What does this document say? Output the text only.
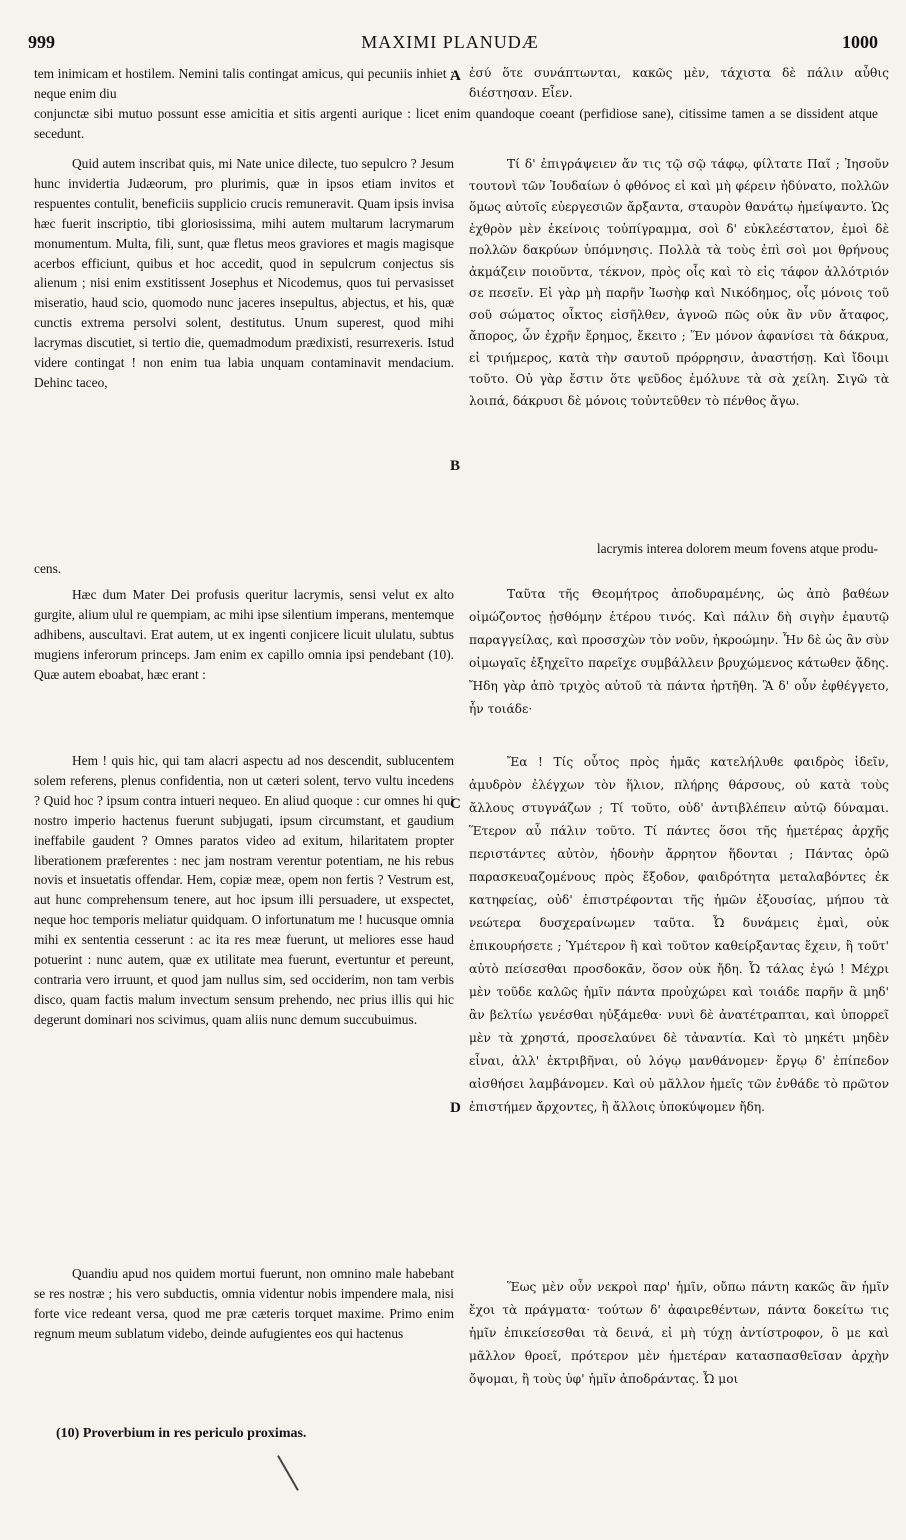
999	MAXIMI PLANUDÆ	1000

tem inimicam et hostilem. Nemini talis contingat amicus, qui pecuniis inhiet : neque enim diu

ἐσύ ὅτε συνάπτωνται, κακῶς μὲν, τάχιστα δὲ πάλιν αὖθις διέστησαν. Εἶεν.

A

conjunctæ sibi mutuo possunt esse amicitia et sitis argenti aurique : licet enim quandoque coeant (perfidiose sane), citissime tamen a se dissident atque secedunt.

Quid autem inscribat quis, mi Nate unice dilecte, tuo sepulcro ? Jesum hunc invidertia Judæorum, pro plurimis, quæ in ipsos etiam invitos et respuentes contulit, beneficiis supplicio crucis remuneravit. Quam ipsis invisa hæc fuerit inscriptio, tibi gloriosissima, mihi autem multarum lacrymarum monumentum. Multa, fili, sunt, quæ fletus meos graviores et magis magisque acerbos efficiunt, quibus et hoc accedit, quod in sepulcrum conjectus sis alienum ; nisi enim exstitissent Josephus et Nicodemus, quos tui pervasisset miseratio, haud scio, quomodo nunc jaceres insepultus, abjectus, et his, quæ cunctis extrema persolvi solent, destitutus. Unum superest, quod mihi lacrymas discutiet, si tertio die, quemadmodum prædixisti, resurrexeris. Istud videre contingat ! non enim tua labia unquam contaminavit mendacium. Dehinc taceo,

Τί δ' ἐπιγράψειεν ἄν τις τῷ σῷ τάφῳ, φίλτατε Παῖ ; Ἰησοῦν τουτονὶ τῶν Ἰουδαίων ὁ φθόνος εἰ καὶ μὴ φέρειν ἠδύνατο, πολλῶν ὅμως αὐτοῖς εὐεργεσιῶν ἄρξαντα, σταυρὸν θανάτῳ ἠμείψαντο. Ὡς ἐχθρὸν μὲν ἐκείνοις τοὐπίγραμμα, σοὶ δ' εὐκλεέστατον, ἐμοὶ δὲ πολλῶν δακρύων ὑπόμνησις. Πολλὰ τὰ τοὺς ἐπὶ σοὶ μοι θρήνους ἀκμάζειν ποιοῦντα, τέκνον, πρὸς οἷς καὶ τὸ εἰς τάφον ἀλλότριόν σε πεσεῖν. Εἰ γὰρ μὴ παρῆν Ἰωσὴφ καὶ Νικόδημος, οἷς μόνοις τοῦ σοῦ σώματος οἶκτος εἰσῆλθεν, ἀγνοῶ πῶς οὐκ ἂν νῦν ἄταφος, ἄπορος, ὧν ἐχρῆν ἔρημος, ἔκειτο ; Ἕν μόνον ἀφανίσει τὰ δάκρυα, εἰ τριήμερος, κατὰ τὴν σαυτοῦ πρόρρησιν, ἀναστήσῃ. Καὶ ἴδοιμι τοῦτο. Οὐ γὰρ ἔστιν ὅτε ψεῦδος ἐμόλυνε τὰ σὰ χείλη. Σιγῶ τὰ λοιπά, δάκρυσι δὲ μόνοις τοὐντεῦθεν τὸ πένθος ἄγω.

B

lacrymis interea dolorem meum fovens atque produ-

cens.

Hæc dum Mater Dei profusis queritur lacrymis, sensi velut ex alto gurgite, alium ulul re quempiam, ac mihi ipse silentium imperans, mentemque adhibens, auscultavi. Erat autem, ut ex ingenti conjicere licuit ululatu, subtus mugiens inferorum princeps. Jam enim ex capillo omnia ipsi pendebant (10). Quæ autem eboabat, hæc erant :

Ταῦτα τῆς Θεομήτρος ἀποδυραμένης, ὡς ἀπὸ βαθέων οἰμώζοντος ᾐσθόμην ἑτέρου τινός. Καὶ πάλιν δὴ σιγὴν ἐμαυτῷ παραγγείλας, καὶ προσσχὼν τὸν νοῦν, ἠκροώμην. Ἦν δὲ ὡς ἂν σὺν οἰμωγαῖς ἐξηχεῖτο παρεῖχε συμβάλλειν βρυχώμενος κάτωθεν ᾅδης. Ἤδη γὰρ ἀπὸ τριχὸς αὐτοῦ τὰ πάντα ἠρτῆθη. Ἃ δ' οὖν ἐφθέγγετο, ἦν τοιάδε·

Hem ! quis hic, qui tam alacri aspectu ad nos descendit, sublucentem solem referens, plenus confidentia, non ut cæteri solent, tervo vultu incedens ? Quid hoc ? ipsum contra intueri nequeo. En aliud quoque : cur omnes hi qui nostro imperio hactenus fuerunt subjugati, ipsum circumstant, et gaudium ineffabile gaudent ? Omnes paratos video ad exitum, hilaritatem propter liberationem præferentes : nec jam nostram verentur potentiam, ne his rebus novis et insuetatis offendar. Hem, copiæ meæ, opem non fertis ? Vestrum est, aut hunc comprehensum tenere, aut hoc ipsum illi persuadere, ut exspectet, neque hoc temporis meliatur quidquam. O infortunatum me ! hucusque omnia mihi ex sententia cesserunt : ac ita res meæ fuerunt, ut meliores esse haud potuerint : nunc autem, quæ ex utilitate mea fuerunt, evertuntur et pereunt, contraria vero irruunt, et quod jam nullus sim, sed occiderim, non tam verbis disco, quam factis malum invectum sensum prehendo, nec prius illis qui hic degerunt dominari nos scivimus, quam aliis nunc demum succubuimus.

Ἔα ! Τίς οὗτος πρὸς ἡμᾶς κατελήλυθε φαιδρὸς ἰδεῖν, ἀμυδρὸν ἐλέγχων τὸν ἥλιον, πλήρης θάρσους, οὐ κατὰ τοὺς ἄλλους στυγνάζων ; Τί τοῦτο, οὐδ' ἀντιβλέπειν αὐτῷ δύναμαι. Ἕτερον αὖ πάλιν τοῦτο. Τί πάντες ὅσοι τῆς ἡμετέρας ἀρχῆς περιστάντες αὐτὸν, ἡδονὴν ἄρρητον ἥδονται ; Πάντας ὁρῶ παρασκευαζομένους πρὸς ἔξοδον, φαιδρότητα μεταλαβόντες ἐκ κατηφείας, οὐδ' ἐπιστρέφονται τῆς ἡμῶν ἐξουσίας, μήπου τὰ νεώτερα δυσχεραίνωμεν ταῦτα. Ὦ δυνάμεις ἐμαὶ, οὐκ ἐπικουρήσετε ; Ὑμέτερον ἢ καὶ τοῦτον καθείρξαντας ἔχειν, ἢ τοῦτ' αὐτὸ πείσεσθαι προσδοκᾶν, ὅσον οὐκ ἤδη. Ὦ τάλας ἐγώ ! Μέχρι μὲν τοῦδε καλῶς ἡμῖν πάντα προὐχώρει καὶ τοιάδε παρῆν ἃ μηδ' ἂν βελτίω γενέσθαι ηὐξάμεθα· νυνὶ δὲ ἀνατέτραπται, καὶ ὑπορρεῖ μὲν τὰ χρηστά, προσελαύνει δὲ τἀναντία. Καὶ τὸ μηκέτι μηδὲν εἶναι, ἀλλ' ἐκτριβῆναι, οὐ λόγῳ μανθάνομεν· ἔργῳ δ' ἐπίπεδον αἰσθήσει λαμβάνομεν. Καὶ οὐ μᾶλλον ἡμεῖς τῶν ἐνθάδε τὸ πρῶτον ἐπιστήμεν ἄρχοντες, ἢ ἄλλοις ὑποκύψομεν ἤδη.

C
D

Quandiu apud nos quidem mortui fuerunt, non omnino male habebant se res nostræ ; his vero subductis, omnia videntur nobis impendere mala, nisi forte vice redeant versa, quod me præ cæteris torquet maxime. Primo enim regnum meum sublatum videbo, deinde aufugientes eos qui hactenus

Ἕως μὲν οὖν νεκροὶ παρ' ἡμῖν, οὔπω πάντη κακῶς ἂν ἡμῖν ἔχοι τὰ πράγματα· τούτων δ' ἀφαιρεθέντων, πάντα δοκείτω τις ἡμῖν ἐπικείσεσθαι τὰ δεινά, εἰ μὴ τύχῃ ἀντίστροφον, ὃ με καὶ μᾶλλον θροεῖ, πρότερον μὲν ἡμετέραν κατασπασθεῖσαν ἀρχὴν ὄψομαι, ἢ τοὺς ὑφ' ἡμῖν ἀποδράντας. Ὦ μοι

(10) Proverbium in res periculo proximas.
